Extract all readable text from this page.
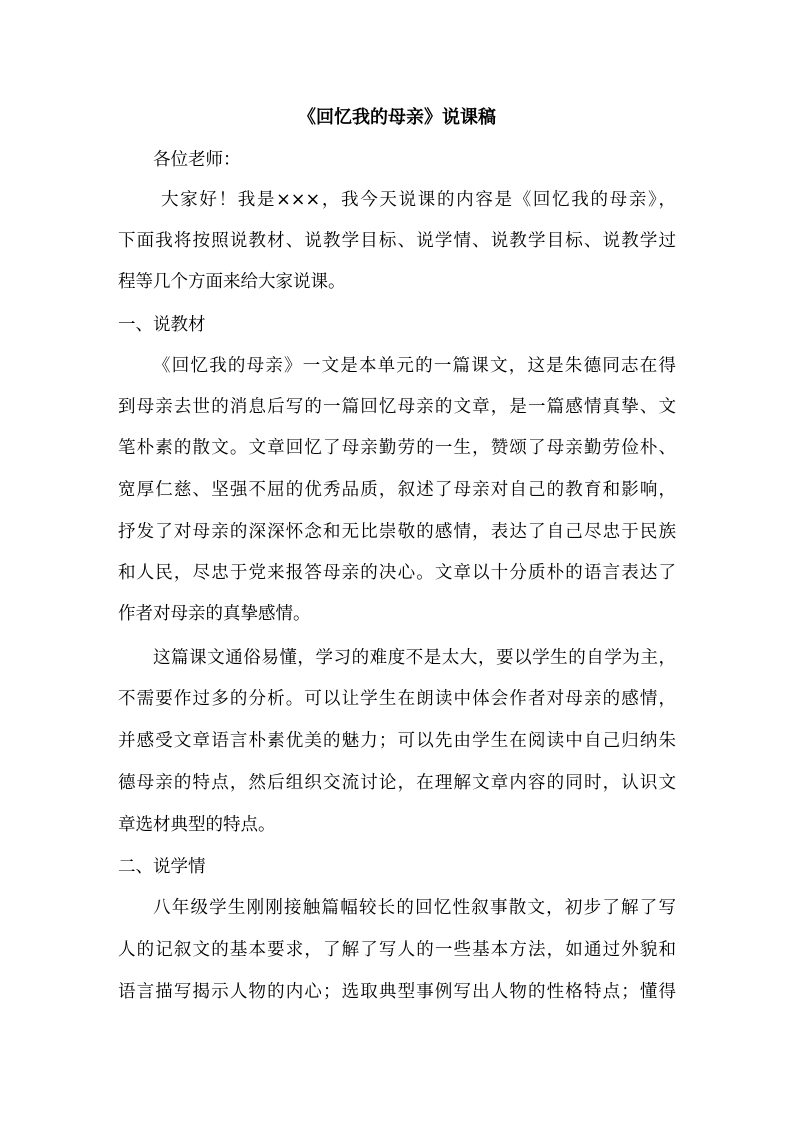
《回忆我的母亲》说课稿
各位老师：
大家好！我是×××，我今天说课的内容是《回忆我的母亲》，
下面我将按照说教材、说教学目标、说学情、说教学目标、说教学过
程等几个方面来给大家说课。
一、说教材
《回忆我的母亲》一文是本单元的一篇课文，这是朱德同志在得
到母亲去世的消息后写的一篇回忆母亲的文章，是一篇感情真挚、文
笔朴素的散文。文章回忆了母亲勤劳的一生，赞颂了母亲勤劳俭朴、
宽厚仁慈、坚强不屈的优秀品质，叙述了母亲对自己的教育和影响，
抒发了对母亲的深深怀念和无比崇敬的感情，表达了自己尽忠于民族
和人民，尽忠于党来报答母亲的决心。文章以十分质朴的语言表达了
作者对母亲的真挚感情。
这篇课文通俗易懂，学习的难度不是太大，要以学生的自学为主，
不需要作过多的分析。可以让学生在朗读中体会作者对母亲的感情，
并感受文章语言朴素优美的魅力；可以先由学生在阅读中自己归纳朱
德母亲的特点，然后组织交流讨论，在理解文章内容的同时，认识文
章选材典型的特点。
二、说学情
八年级学生刚刚接触篇幅较长的回忆性叙事散文，初步了解了写
人的记叙文的基本要求，了解了写人的一些基本方法，如通过外貌和
语言描写揭示人物的内心；选取典型事例写出人物的性格特点；懂得
